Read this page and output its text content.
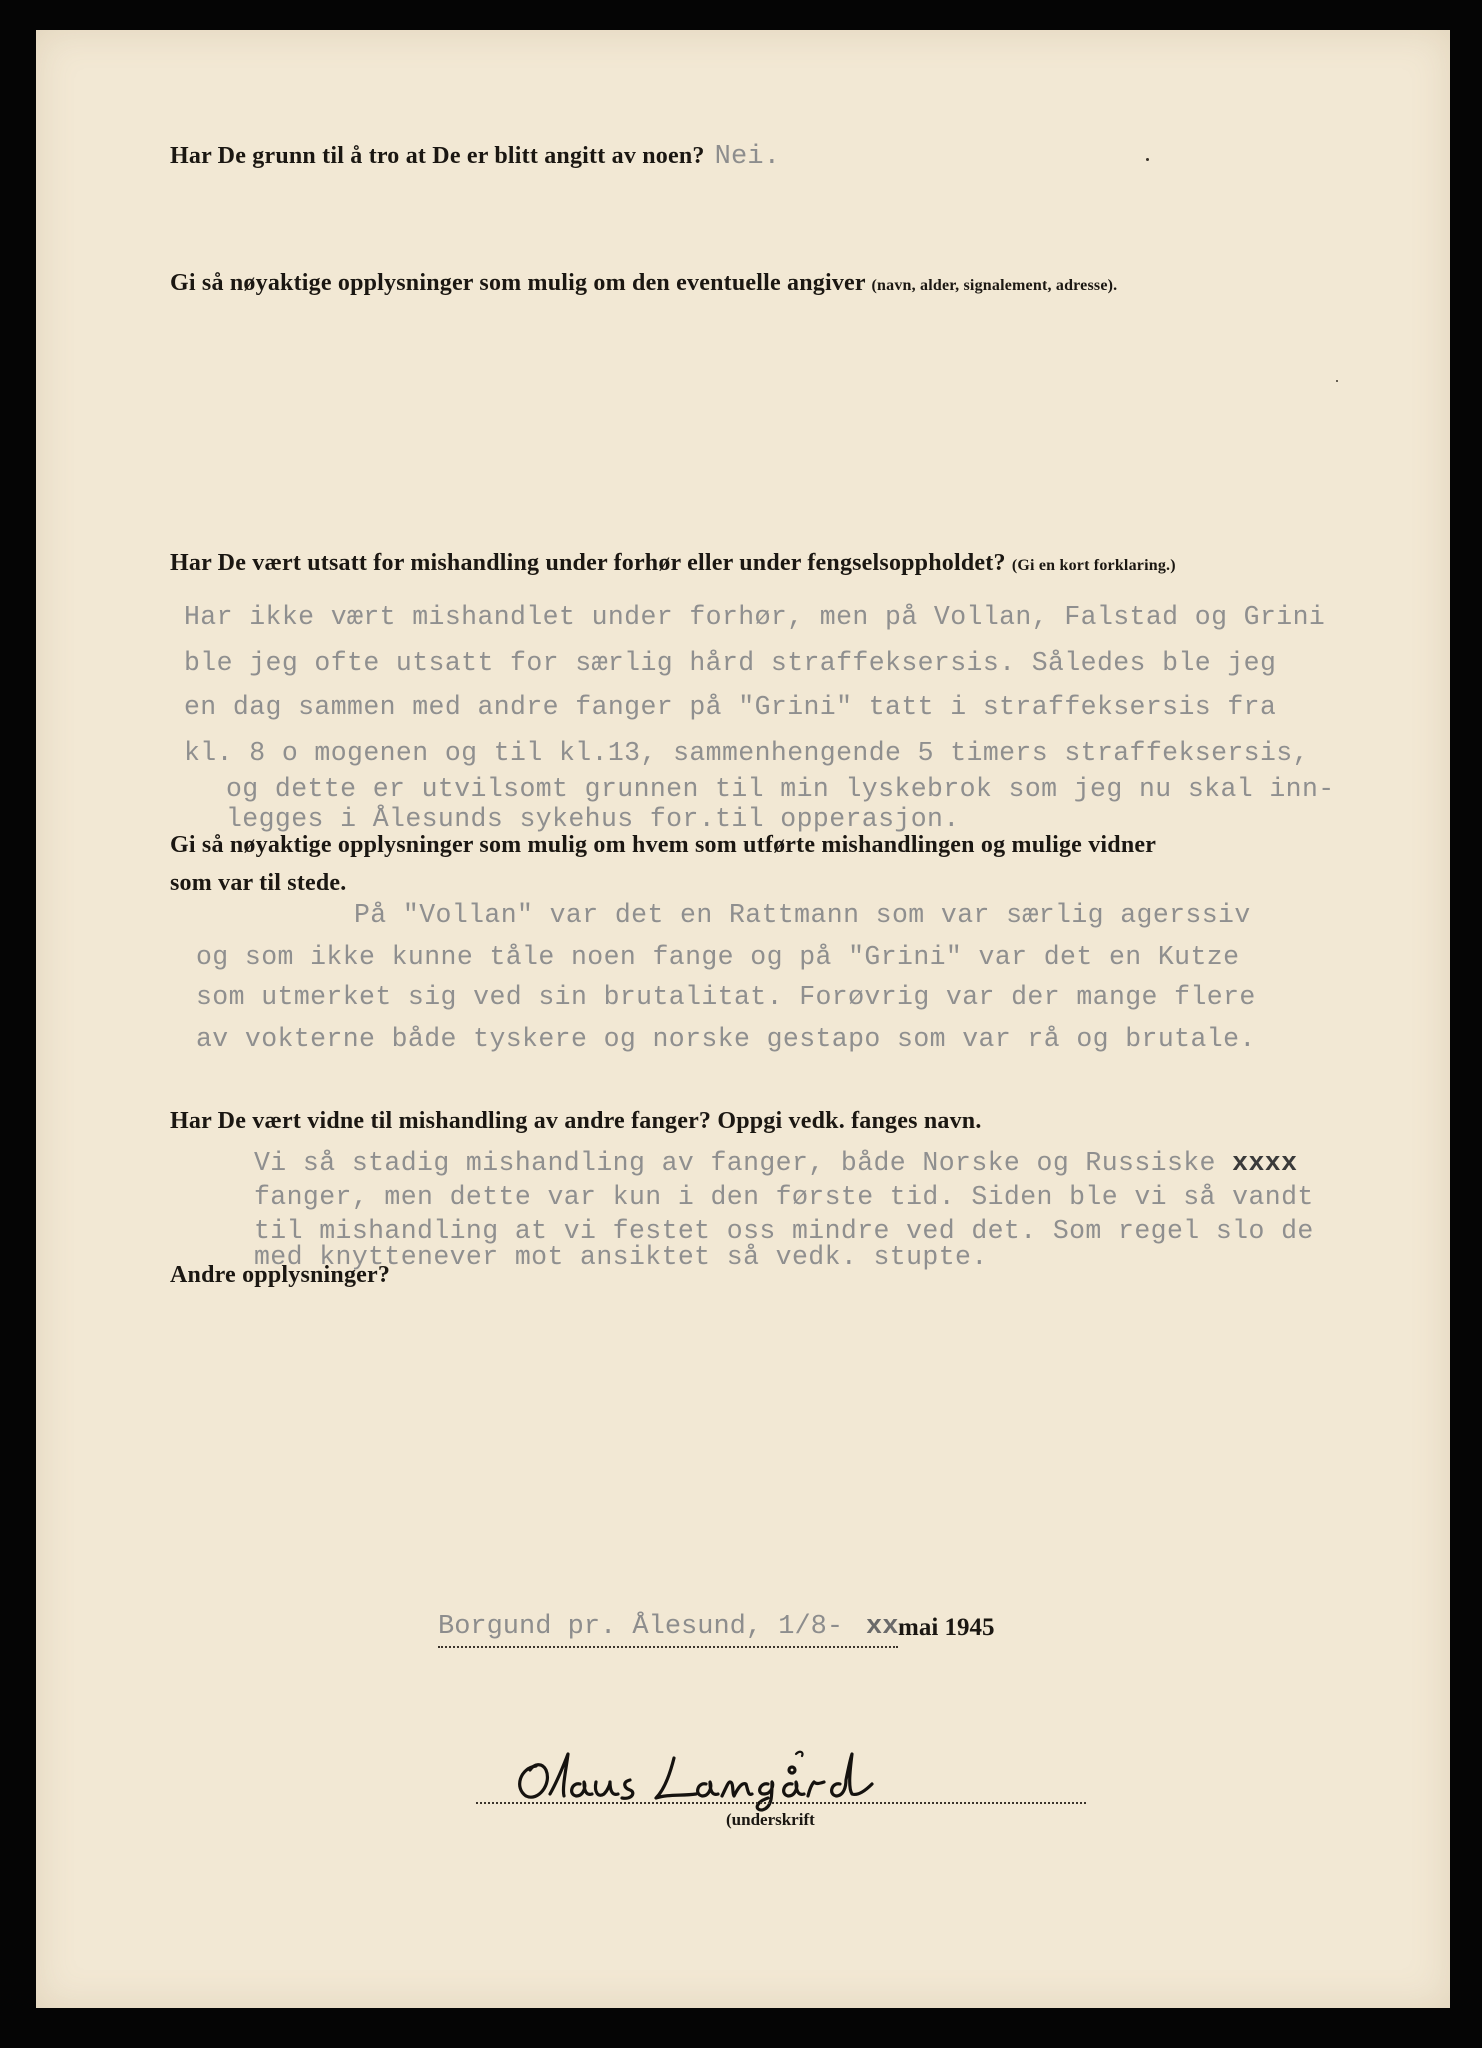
Har De grunn til å tro at De er blitt angitt av noen? Nei.
Gi så nøyaktige opplysninger som mulig om den eventuelle angiver (navn, alder, signalement, adresse).
Har De vært utsatt for mishandling under forhør eller under fengselsoppholdet? (Gi en kort forklaring.)
Har ikke vært mishandlet under forhør, men på Vollan, Falstad og Grini
ble jeg ofte utsatt for særlig hård straffeksersis. Således ble jeg
en dag sammen med andre fanger på "Grini" tatt i straffeksersis fra
kl. 8 o mogenen og til kl.13, sammenhengende 5 timers straffeksersis,
og dette er utvilsomt grunnen til min lyskebrok som jeg nu skal inn-
legges i Ålesunds sykehus for.til opperasjon.
Gi så nøyaktige opplysninger som mulig om hvem som utførte mishandlingen og mulige vidner
som var til stede.
På "Vollan" var det en Rattmann som var særlig agerssiv
og som ikke kunne tåle noen fange og på "Grini" var det en Kutze
som utmerket sig ved sin brutalitat. Forøvrig var der mange flere
av vokterne både tyskere og norske gestapo som var rå og brutale.
Har De vært vidne til mishandling av andre fanger? Oppgi vedk. fanges navn.
Vi så stadig mishandling av fanger, både Norske og Russiske xxxx
fanger, men dette var kun i den første tid. Siden ble vi så vandt
til mishandling at vi festet oss mindre ved det. Som regel slo de
med knyttenever mot ansiktet så vedk. stupte.
Andre opplysninger?
Borgund pr. Ålesund, 1/8- xx mai 1945
(underskrift
